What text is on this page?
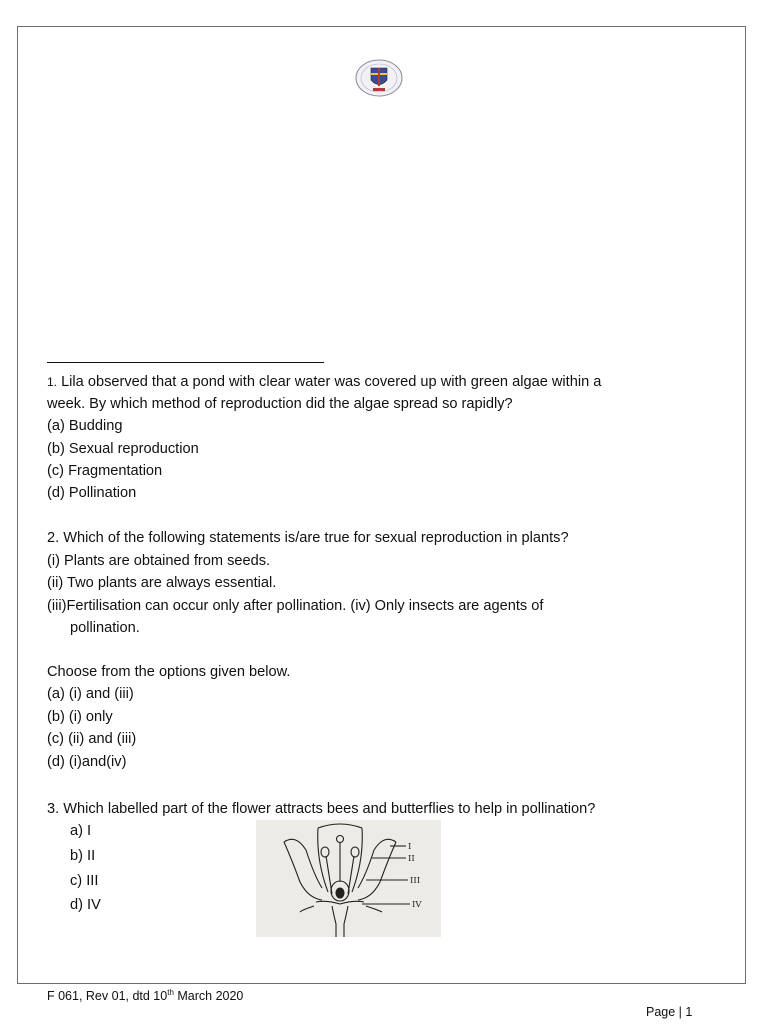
1. Lila observed that a pond with clear water was covered up with green algae within a
week. By which method of reproduction did the algae spread so rapidly?
(a) Budding
(b) Sexual reproduction
(c) Fragmentation
(d) Pollination
2. Which of the following statements is/are true for sexual reproduction in plants?
(i) Plants are obtained from seeds.
(ii) Two plants are always essential.
(iii)Fertilisation can occur only after pollination. (iv) Only insects are agents of
pollination.
Choose from the options given below.
(a) (i) and (iii)
(b) (i) only
(c) (ii) and (iii)
(d) (i)and(iv)
3. Which labelled part of the flower attracts bees and butterflies to help in pollination?
a) I
b) II
c) III
d) IV
I
II
III
IV
F 061, Rev 01, dtd 10th March 2020
Page | 1
